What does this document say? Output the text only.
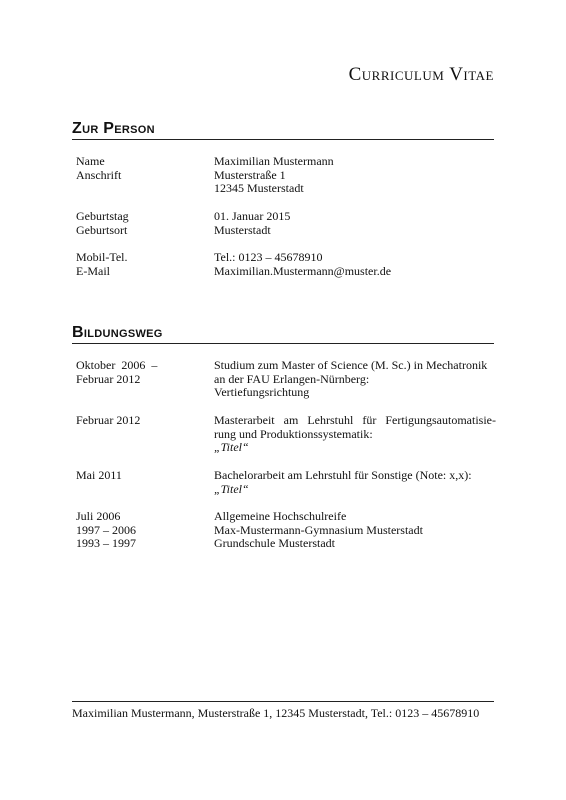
Curriculum Vitae
Zur Person
Name
Anschrift
Maximilian Mustermann
Musterstraße 1
12345 Musterstadt
Geburtstag
Geburtsort
01. Januar 2015
Musterstadt
Mobil-Tel.
E-Mail
Tel.: 0123 – 45678910
Maximilian.Mustermann@muster.de
Bildungsweg
Oktober  2006  –
Februar 2012
Studium zum Master of Science (M. Sc.) in Mechatronik
an der FAU Erlangen-Nürnberg:
Vertiefungsrichtung
Februar 2012	Masterarbeit am Lehrstuhl für Fertigungsautomatisie-
rung und Produktionssystematik:
„Titel“
Mai 2011	Bachelorarbeit am Lehrstuhl für Sonstige (Note: x,x):
„Titel“
Juli 2006
1997 – 2006
1993 – 1997
Allgemeine Hochschulreife
Max-Mustermann-Gymnasium Musterstadt
Grundschule Musterstadt
Maximilian Mustermann, Musterstraße 1, 12345 Musterstadt, Tel.: 0123 – 45678910
